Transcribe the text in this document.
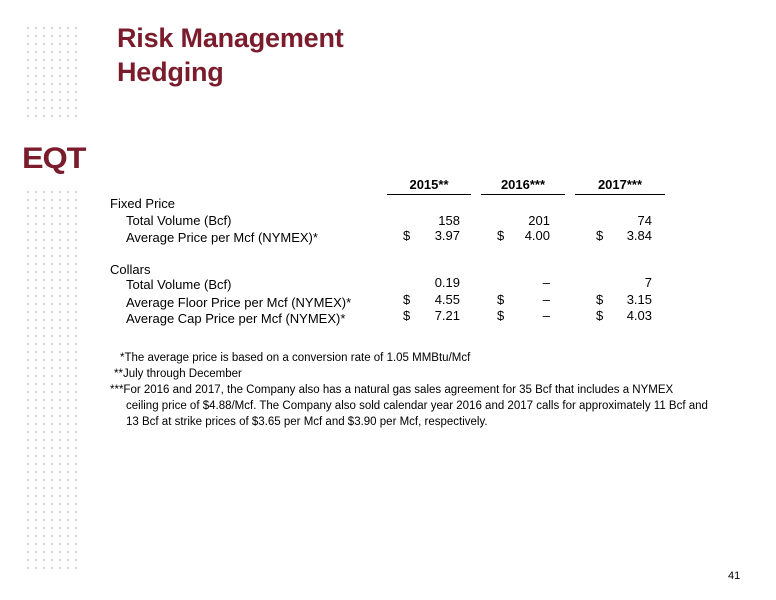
Risk Management
Hedging
EQT
2015**	2016***	2017***
Fixed Price
Total Volume (Bcf)	158	201	74
Average Price per Mcf (NYMEX)*	$	3.97	$	4.00	$	3.84
Collars
Total Volume (Bcf)	0.19	–	7
Average Floor Price per Mcf (NYMEX)*	$	4.55	$	–	$	3.15
Average Cap Price per Mcf (NYMEX)*	$	7.21	$	–	$	4.03
*The average price is based on a conversion rate of 1.05 MMBtu/Mcf
**July through December
***For 2016 and 2017, the Company also has a natural gas sales agreement for 35 Bcf that includes a NYMEX
ceiling price of $4.88/Mcf. The Company also sold calendar year 2016 and 2017 calls for approximately 11 Bcf and
13 Bcf at strike prices of $3.65 per Mcf and $3.90 per Mcf, respectively.
41
